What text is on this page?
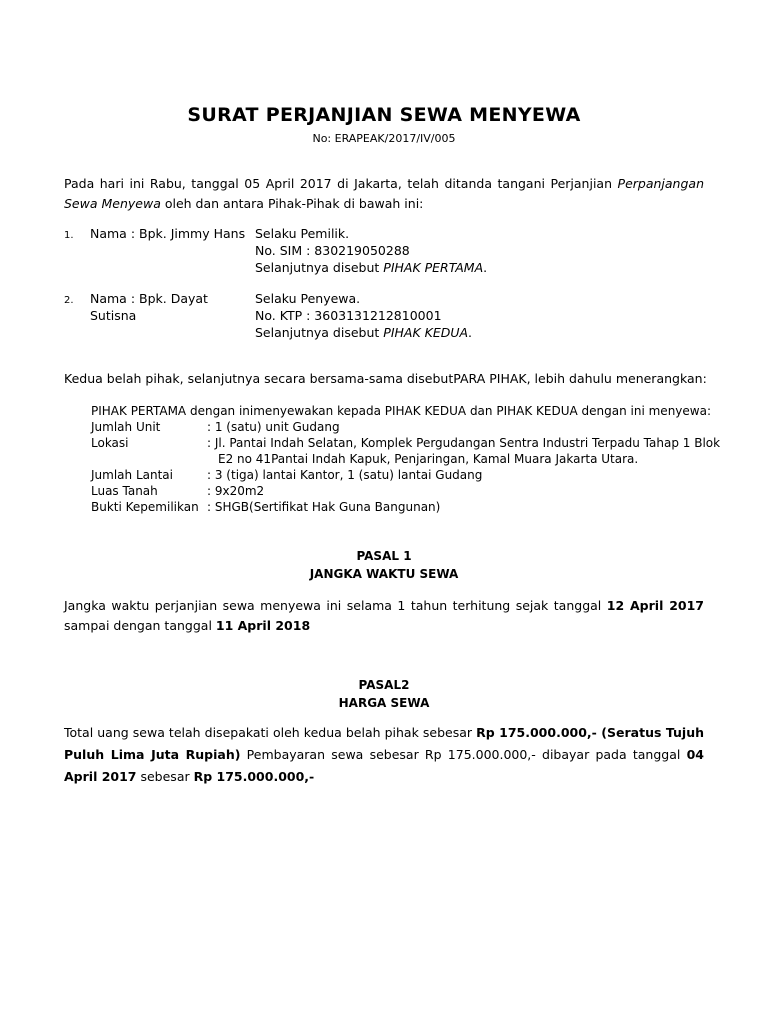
SURAT PERJANJIAN SEWA MENYEWA
No: ERAPEAK/2017/IV/005
Pada hari ini Rabu, tanggal 05 April 2017 di Jakarta, telah ditanda tangani Perjanjian Perpanjangan Sewa Menyewa oleh dan antara Pihak-Pihak di bawah ini:
1. Nama : Bpk. Jimmy Hans Selaku Pemilik.
No. SIM : 830219050288
Selanjutnya disebut PIHAK PERTAMA.
2. Nama : Bpk. Dayat
Sutisna
Selaku Penyewa.
No. KTP : 3603131212810001
Selanjutnya disebut PIHAK KEDUA.
Kedua belah pihak, selanjutnya secara bersama-sama disebutPARA PIHAK, lebih dahulu menerangkan:
PIHAK PERTAMA dengan inimenyewakan kepada PIHAK KEDUA dan PIHAK KEDUA dengan ini menyewa:
Jumlah Unit	: 1 (satu) unit Gudang
Lokasi	: Jl. Pantai Indah Selatan, Komplek Pergudangan Sentra Industri Terpadu Tahap 1 Blok
E2 no 41Pantai Indah Kapuk, Penjaringan, Kamal Muara Jakarta Utara.
Jumlah Lantai	: 3 (tiga) lantai Kantor, 1 (satu) lantai Gudang
Luas Tanah	: 9x20m2
Bukti Kepemilikan : SHGB(Sertifikat Hak Guna Bangunan)
PASAL 1
JANGKA WAKTU SEWA
Jangka waktu perjanjian sewa menyewa ini selama 1 tahun terhitung sejak tanggal 12 April 2017 sampai dengan tanggal 11 April 2018
PASAL2
HARGA SEWA
Total uang sewa telah disepakati oleh kedua belah pihak sebesar Rp 175.000.000,- (Seratus Tujuh Puluh Lima Juta Rupiah) Pembayaran sewa sebesar Rp 175.000.000,- dibayar pada tanggal 04 April 2017 sebesar Rp 175.000.000,-
